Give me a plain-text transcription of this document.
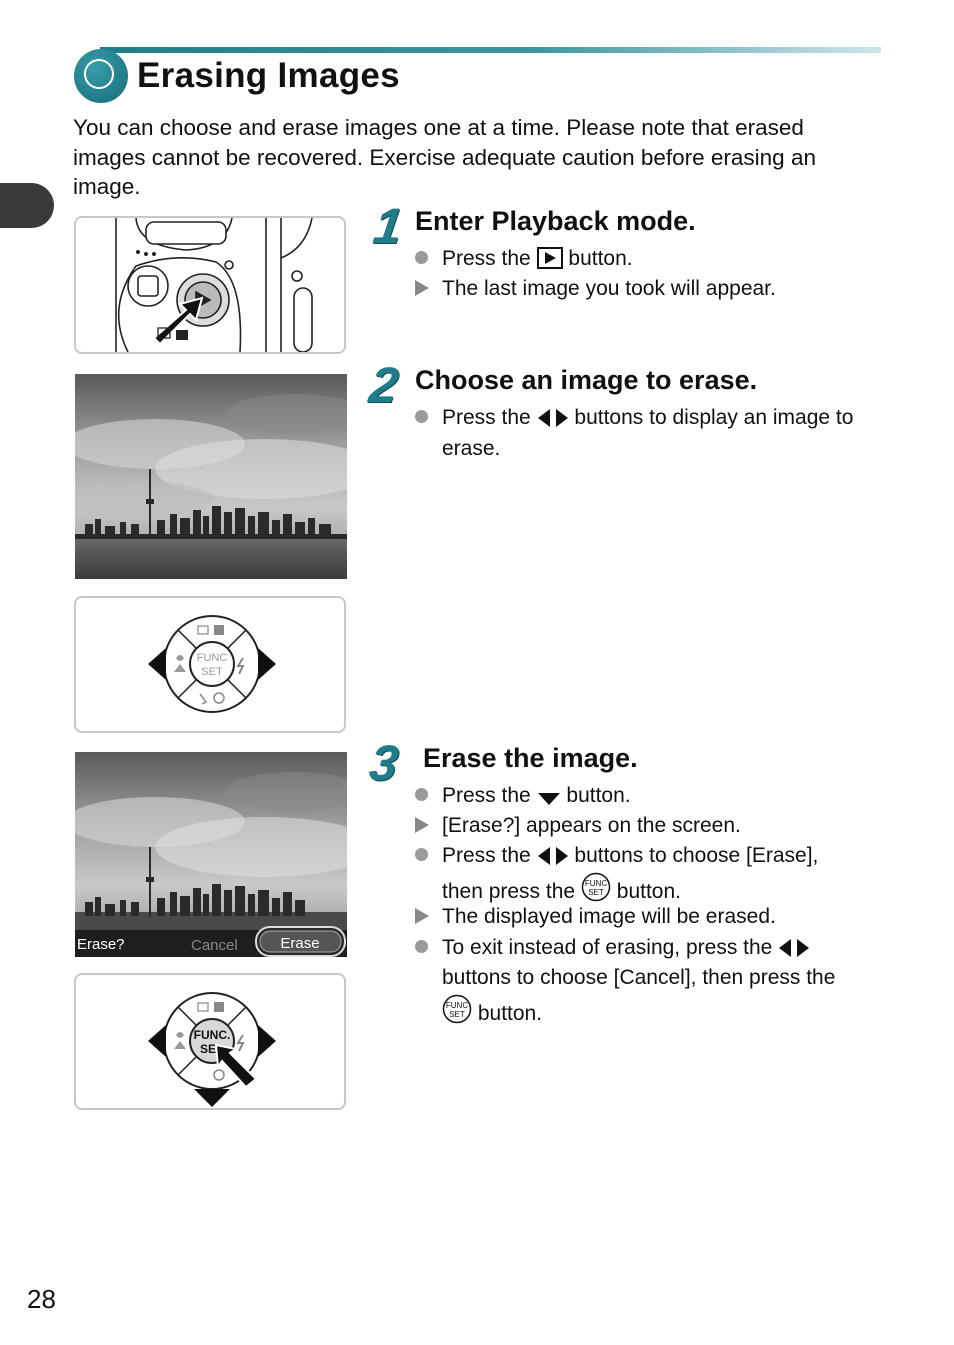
Erasing Images
You can choose and erase images one at a time. Please note that erased images cannot be recovered. Exercise adequate caution before erasing an image.
FUNC
SET
Erase?	Cancel	Erase
FUNC.
SE
1 Enter Playback mode.
Press the button.
The last image you took will appear.
2 Choose an image to erase.
Press the buttons to display an image to
erase.
3 Erase the image.
Press the button.
[Erase?] appears on the screen.
Press the buttons to choose [Erase],
then press the FUNC
SET button.
The displayed image will be erased.
To exit instead of erasing, press the
buttons to choose [Cancel], then press the
FUNC
SET button.
28
